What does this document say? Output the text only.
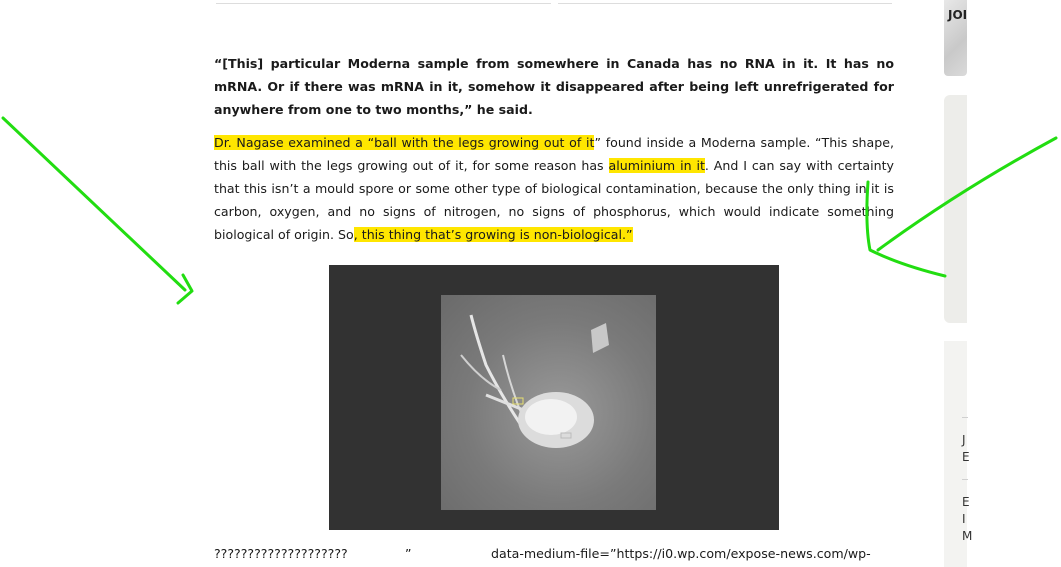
“[This] particular Moderna sample from somewhere in Canada has no RNA in it. It has no mRNA. Or if there was mRNA in it, somehow it disappeared after being left unrefrigerated for anywhere from one to two months,” he said.

Dr. Nagase examined a “ball with the legs growing out of it” found inside a Moderna sample. “This shape, this ball with the legs growing out of it, for some reason has aluminium in it. And I can say with certainty that this isn’t a mould spore or some other type of biological contamination, because the only thing in it is carbon, oxygen, and no signs of nitrogen, no signs of phosphorus, which would indicate something biological of origin. So, this thing that’s growing is non-biological.”

????????????????????	”	data-medium-file=”https://i0.wp.com/expose-news.com/wp-
JOI
J
E
E
I
M
